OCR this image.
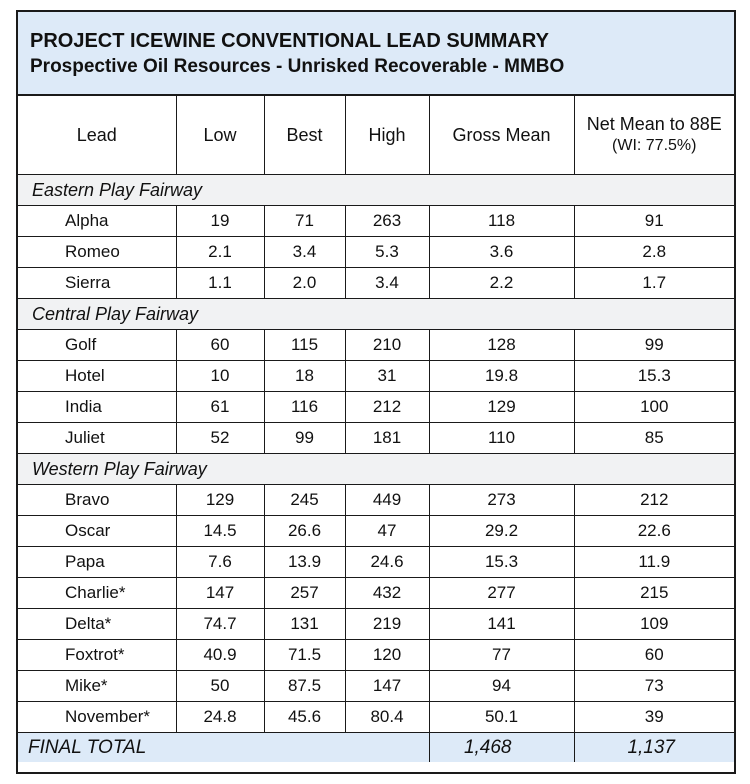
PROJECT ICEWINE CONVENTIONAL LEAD SUMMARY
Prospective Oil Resources - Unrisked Recoverable - MMBO
Lead	Low	Best	High	Gross Mean	Net Mean to 88E
(WI: 77.5%)

Eastern Play Fairway					
Alpha	19	71	263	118	91
Romeo	2.1	3.4	5.3	3.6	2.8
Sierra	1.1	2.0	3.4	2.2	1.7
Central Play Fairway					
Golf	60	115	210	128	99
Hotel	10	18	31	19.8	15.3
India	61	116	212	129	100
Juliet	52	99	181	110	85
Western Play Fairway					
Bravo	129	245	449	273	212
Oscar	14.5	26.6	47	29.2	22.6
Papa	7.6	13.9	24.6	15.3	11.9
Charlie*	147	257	432	277	215
Delta*	74.7	131	219	141	109
Foxtrot*	40.9	71.5	120	77	60
Mike*	50	87.5	147	94	73
November*	24.8	45.6	80.4	50.1	39
FINAL TOTAL				1,468	1,137
